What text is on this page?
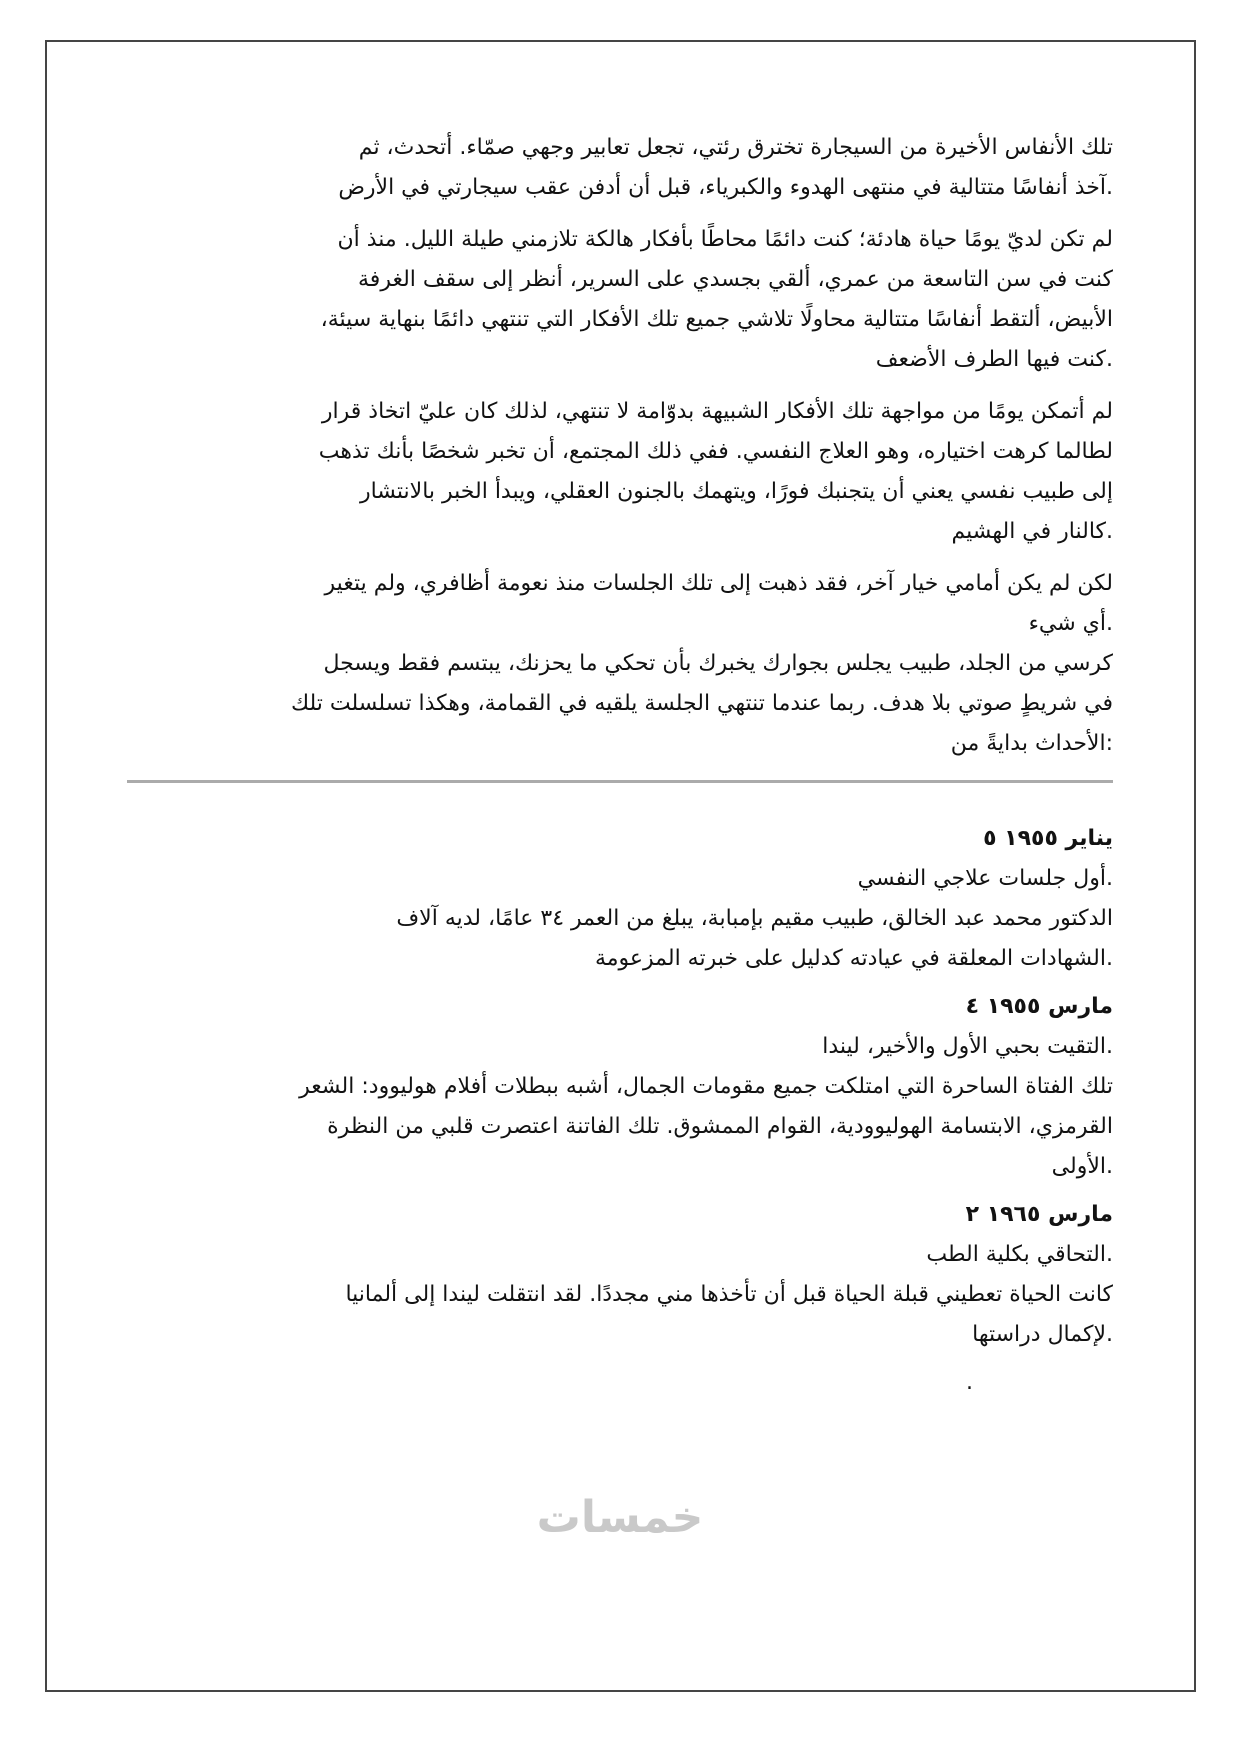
تلك الأنفاس الأخيرة من السيجارة تخترق رئتي، تجعل تعابير وجهي صمّاء. أتحدث، ثم
.آخذ أنفاسًا متتالية في منتهى الهدوء والكبرياء، قبل أن أدفن عقب سيجارتي في الأرض
لم تكن لديّ يومًا حياة هادئة؛ كنت دائمًا محاطًا بأفكار هالكة تلازمني طيلة الليل. منذ أن
كنت في سن التاسعة من عمري، ألقي بجسدي على السرير، أنظر إلى سقف الغرفة
الأبيض، ألتقط أنفاسًا متتالية محاولًا تلاشي جميع تلك الأفكار التي تنتهي دائمًا بنهاية سيئة،
.كنت فيها الطرف الأضعف
لم أتمكن يومًا من مواجهة تلك الأفكار الشبيهة بدوّامة لا تنتهي، لذلك كان عليّ اتخاذ قرار
لطالما كرهت اختياره، وهو العلاج النفسي. ففي ذلك المجتمع، أن تخبر شخصًا بأنك تذهب
إلى طبيب نفسي يعني أن يتجنبك فورًا، ويتهمك بالجنون العقلي، ويبدأ الخبر بالانتشار
.كالنار في الهشيم
لكن لم يكن أمامي خيار آخر، فقد ذهبت إلى تلك الجلسات منذ نعومة أظافري، ولم يتغير
.أي شيء
كرسي من الجلد، طبيب يجلس بجوارك يخبرك بأن تحكي ما يحزنك، يبتسم فقط ويسجل
في شريطٍ صوتي بلا هدف. ربما عندما تنتهي الجلسة يلقيه في القمامة، وهكذا تسلسلت تلك
:الأحداث بدايةً من
يناير ١٩٥٥ ٥
.أول جلسات علاجي النفسي
الدكتور محمد عبد الخالق، طبيب مقيم بإمبابة، يبلغ من العمر ٣٤ عامًا، لديه آلاف
.الشهادات المعلقة في عيادته كدليل على خبرته المزعومة
مارس ١٩٥٥ ٤
.التقيت بحبي الأول والأخير، ليندا
تلك الفتاة الساحرة التي امتلكت جميع مقومات الجمال، أشبه ببطلات أفلام هوليوود: الشعر
القرمزي، الابتسامة الهوليوودية، القوام الممشوق. تلك الفاتنة اعتصرت قلبي من النظرة
.الأولى
مارس ١٩٦٥ ٢
.التحاقي بكلية الطب
كانت الحياة تعطيني قبلة الحياة قبل أن تأخذها مني مجددًا. لقد انتقلت ليندا إلى ألمانيا
.لإكمال دراستها
.
خمسات
